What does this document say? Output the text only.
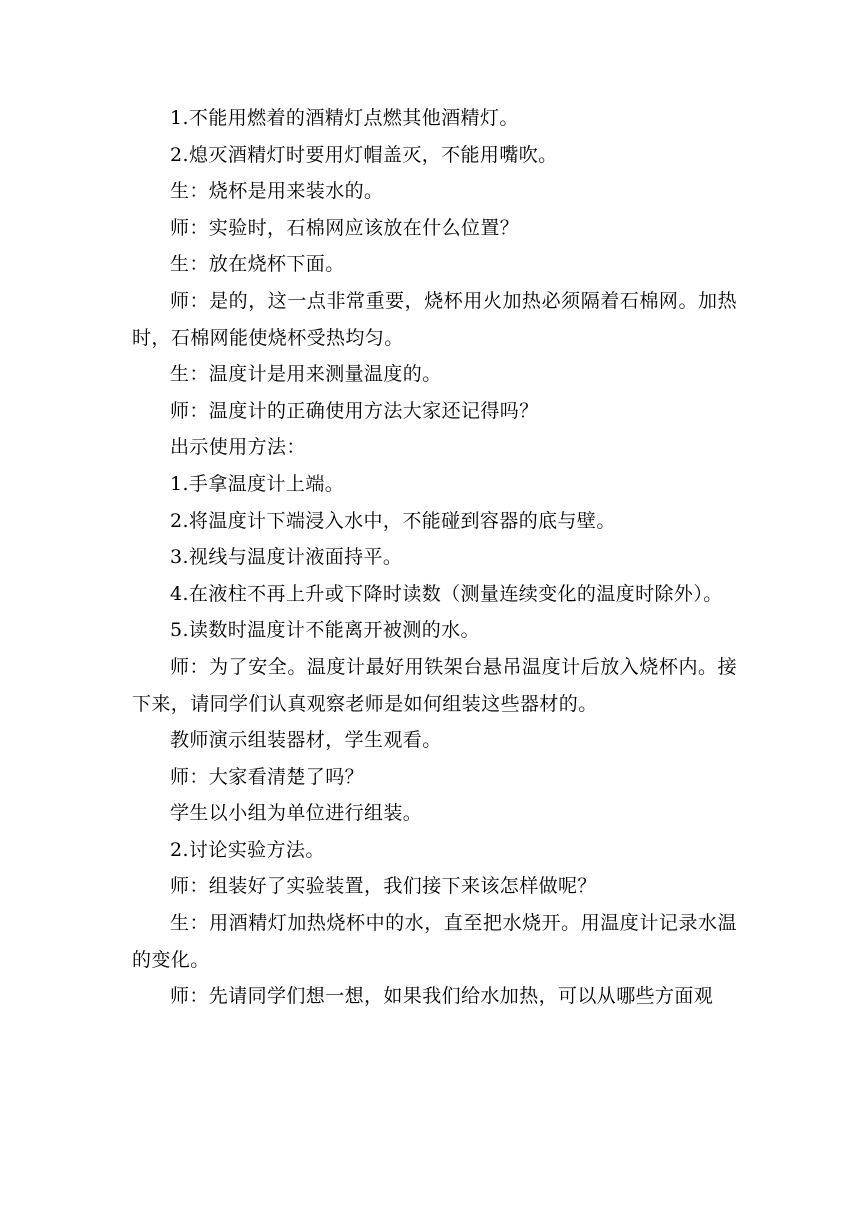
1.不能用燃着的酒精灯点燃其他酒精灯。

2.熄灭酒精灯时要用灯帽盖灭，不能用嘴吹。

生：烧杯是用来装水的。

师：实验时，石棉网应该放在什么位置？

生：放在烧杯下面。

师：是的，这一点非常重要，烧杯用火加热必须隔着石棉网。加热时，石棉网能使烧杯受热均匀。

生：温度计是用来测量温度的。

师：温度计的正确使用方法大家还记得吗？

出示使用方法：

1.手拿温度计上端。

2.将温度计下端浸入水中，不能碰到容器的底与壁。

3.视线与温度计液面持平。

4.在液柱不再上升或下降时读数（测量连续变化的温度时除外）。

5.读数时温度计不能离开被测的水。

师：为了安全。温度计最好用铁架台悬吊温度计后放入烧杯内。接下来，请同学们认真观察老师是如何组装这些器材的。

教师演示组装器材，学生观看。

师：大家看清楚了吗？

学生以小组为单位进行组装。

2.讨论实验方法。

师：组装好了实验装置，我们接下来该怎样做呢？

生：用酒精灯加热烧杯中的水，直至把水烧开。用温度计记录水温的变化。

师：先请同学们想一想，如果我们给水加热，可以从哪些方面观
